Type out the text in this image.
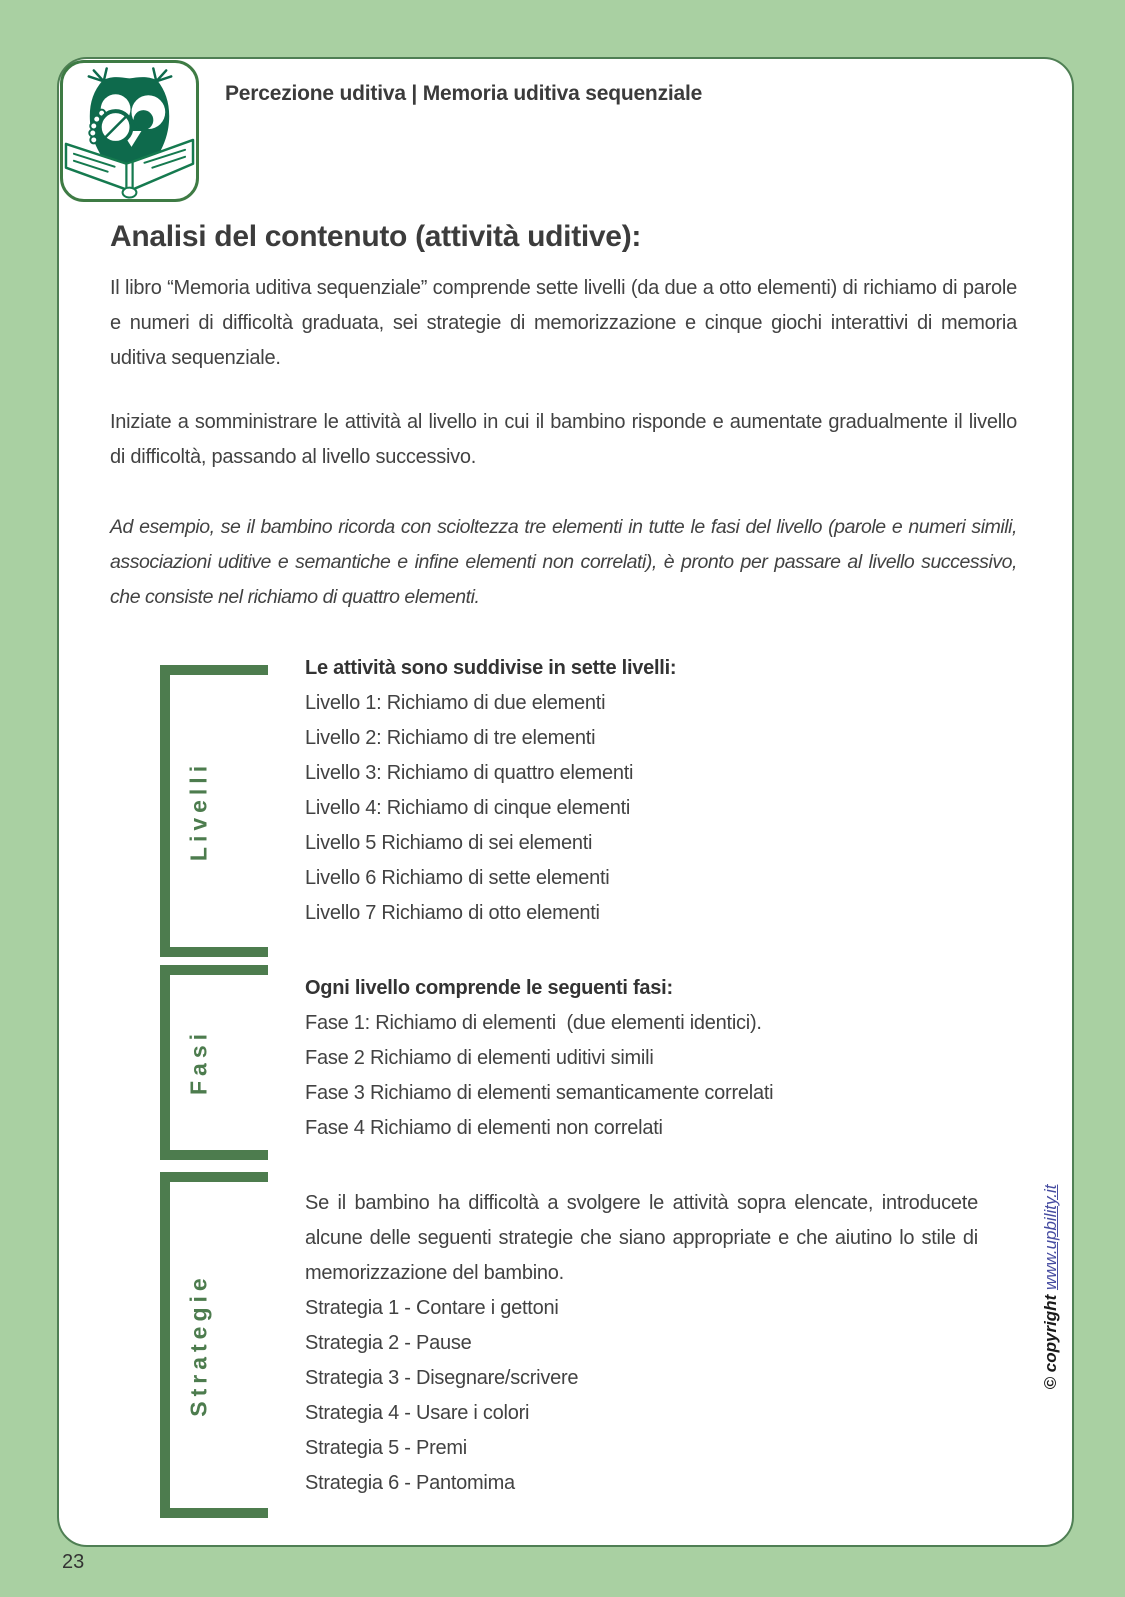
Percezione uditiva | Memoria uditiva sequenziale
Analisi del contenuto (attività uditive):

Il libro “Memoria uditiva sequenziale” comprende sette livelli (da due a otto elementi) di richiamo di parole e numeri di difficoltà graduata, sei strategie di memorizzazione e cinque giochi interattivi di memoria uditiva sequenziale.

Iniziate a somministrare le attività al livello in cui il bambino risponde e aumentate gradualmente il livello di difficoltà, passando al livello successivo.

Ad esempio, se il bambino ricorda con scioltezza tre elementi in tutte le fasi del livello (parole e numeri simili, associazioni uditive e semantiche e infine elementi non correlati), è pronto per passare al livello successivo, che consiste nel richiamo di quattro elementi.

Livelli
Le attività sono suddivise in sette livelli:
Livello 1: Richiamo di due elementi
Livello 2: Richiamo di tre elementi
Livello 3: Richiamo di quattro elementi
Livello 4: Richiamo di cinque elementi
Livello 5 Richiamo di sei elementi
Livello 6 Richiamo di sette elementi
Livello 7 Richiamo di otto elementi
Fasi
Ogni livello comprende le seguenti fasi:
Fase 1: Richiamo di elementi  (due elementi identici).
Fase 2 Richiamo di elementi uditivi simili
Fase 3 Richiamo di elementi semanticamente correlati
Fase 4 Richiamo di elementi non correlati
Strategie

Se il bambino ha difficoltà a svolgere le attività sopra elencate, introducete alcune delle seguenti strategie che siano appropriate e che aiutino lo stile di memorizzazione del bambino.

Strategia 1 - Contare i gettoni
Strategia 2 - Pause
Strategia 3 - Disegnare/scrivere
Strategia 4 - Usare i colori
Strategia 5 - Premi
Strategia 6 - Pantomima
© copyright www.upbility.it
23
